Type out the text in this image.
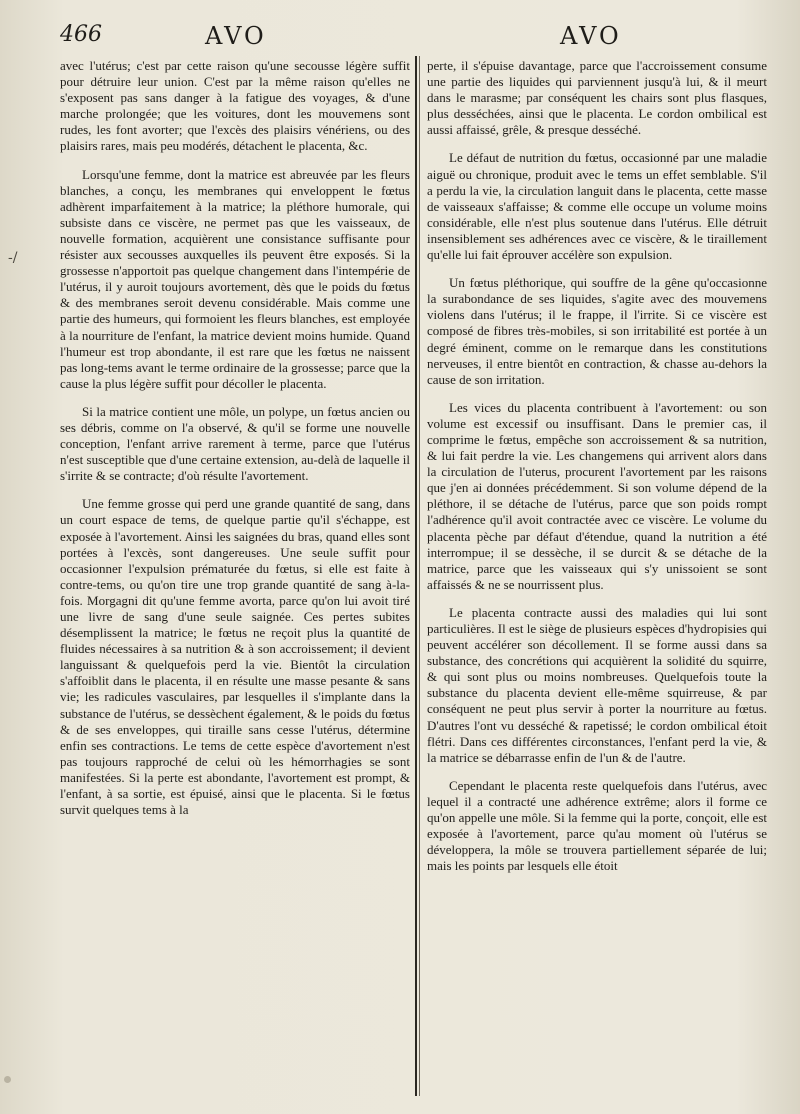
466	AVO	AVO
-/

avec l'utérus; c'est par cette raison qu'une secousse légère suffit pour détruire leur union. C'est par la même raison qu'elles ne s'exposent pas sans danger à la fatigue des voyages, & d'une marche prolongée; que les voitures, dont les mouvemens sont rudes, les font avorter; que l'excès des plaisirs vénériens, ou des plaisirs rares, mais peu modérés, détachent le placenta, &c.

Lorsqu'une femme, dont la matrice est abreuvée par les fleurs blanches, a conçu, les membranes qui enveloppent le fœtus adhèrent imparfaitement à la matrice; la pléthore humorale, qui subsiste dans ce viscère, ne permet pas que les vaisseaux, de nouvelle formation, acquièrent une consistance suffisante pour résister aux secousses auxquelles ils peuvent être exposés. Si la grossesse n'apportoit pas quelque changement dans l'intempérie de l'utérus, il y auroit toujours avortement, dès que le poids du fœtus & des membranes seroit devenu considérable. Mais comme une partie des humeurs, qui formoient les fleurs blanches, est employée à la nourriture de l'enfant, la matrice devient moins humide. Quand l'humeur est trop abondante, il est rare que les fœtus ne naissent pas long-tems avant le terme ordinaire de la grossesse; parce que la cause la plus légère suffit pour décoller le placenta.

Si la matrice contient une môle, un polype, un fœtus ancien ou ses débris, comme on l'a observé, & qu'il se forme une nouvelle conception, l'enfant arrive rarement à terme, parce que l'utérus n'est susceptible que d'une certaine extension, au-delà de laquelle il s'irrite & se contracte; d'où résulte l'avortement.

Une femme grosse qui perd une grande quantité de sang, dans un court espace de tems, de quelque partie qu'il s'échappe, est exposée à l'avortement. Ainsi les saignées du bras, quand elles sont portées à l'excès, sont dangereuses. Une seule suffit pour occasionner l'expulsion prématurée du fœtus, si elle est faite à contre-tems, ou qu'on tire une trop grande quantité de sang à-la-fois. Morgagni dit qu'une femme avorta, parce qu'on lui avoit tiré une livre de sang d'une seule saignée. Ces pertes subites désemplissent la matrice; le fœtus ne reçoit plus la quantité de fluides nécessaires à sa nutrition & à son accroissement; il devient languissant & quelquefois perd la vie. Bientôt la circulation s'affoiblit dans le placenta, il en résulte une masse pesante & sans vie; les radicules vasculaires, par lesquelles il s'implante dans la substance de l'utérus, se dessèchent également, & le poids du fœtus & de ses enveloppes, qui tiraille sans cesse l'utérus, détermine enfin ses contractions. Le tems de cette espèce d'avortement n'est pas toujours rapproché de celui où les hémorrhagies se sont manifestées. Si la perte est abondante, l'avortement est prompt, & l'enfant, à sa sortie, est épuisé, ainsi que le placenta. Si le fœtus survit quelques tems à la

perte, il s'épuise davantage, parce que l'accroissement consume une partie des liquides qui parviennent jusqu'à lui, & il meurt dans le marasme; par conséquent les chairs sont plus flasques, plus desséchées, ainsi que le placenta. Le cordon ombilical est aussi affaissé, grêle, & presque desséché.

Le défaut de nutrition du fœtus, occasionné par une maladie aiguë ou chronique, produit avec le tems un effet semblable. S'il a perdu la vie, la circulation languit dans le placenta, cette masse de vaisseaux s'affaisse; & comme elle occupe un volume moins considérable, elle n'est plus soutenue dans l'utérus. Elle détruit insensiblement ses adhérences avec ce viscère, & le tiraillement qu'elle lui fait éprouver accélère son expulsion.

Un fœtus pléthorique, qui souffre de la gêne qu'occasionne la surabondance de ses liquides, s'agite avec des mouvemens violens dans l'utérus; il le frappe, il l'irrite. Si ce viscère est composé de fibres très-mobiles, si son irritabilité est portée à un degré éminent, comme on le remarque dans les constitutions nerveuses, il entre bientôt en contraction, & chasse au-dehors la cause de son irritation.

Les vices du placenta contribuent à l'avortement: ou son volume est excessif ou insuffisant. Dans le premier cas, il comprime le fœtus, empêche son accroissement & sa nutrition, & lui fait perdre la vie. Les changemens qui arrivent alors dans la circulation de l'uterus, procurent l'avortement par les raisons que j'en ai données précédemment. Si son volume dépend de la pléthore, il se détache de l'utérus, parce que son poids rompt l'adhérence qu'il avoit contractée avec ce viscère. Le volume du placenta pèche par défaut d'étendue, quand la nutrition a été interrompue; il se dessèche, il se durcit & se détache de la matrice, parce que les vaisseaux qui s'y unissoient se sont affaissés & ne se nourrissent plus.

Le placenta contracte aussi des maladies qui lui sont particulières. Il est le siège de plusieurs espèces d'hydropisies qui peuvent accélérer son décollement. Il se forme aussi dans sa substance, des concrétions qui acquièrent la solidité du squirre, & qui sont plus ou moins nombreuses. Quelquefois toute la substance du placenta devient elle-même squirreuse, & par conséquent ne peut plus servir à porter la nourriture au fœtus. D'autres l'ont vu desséché & rapetissé; le cordon ombilical étoit flétri. Dans ces différentes circonstances, l'enfant perd la vie, & la matrice se débarrasse enfin de l'un & de l'autre.

Cependant le placenta reste quelquefois dans l'utérus, avec lequel il a contracté une adhérence extrême; alors il forme ce qu'on appelle une môle. Si la femme qui la porte, conçoit, elle est exposée à l'avortement, parce qu'au moment où l'utérus se développera, la môle se trouvera partiellement séparée de lui; mais les points par lesquels elle étoit
